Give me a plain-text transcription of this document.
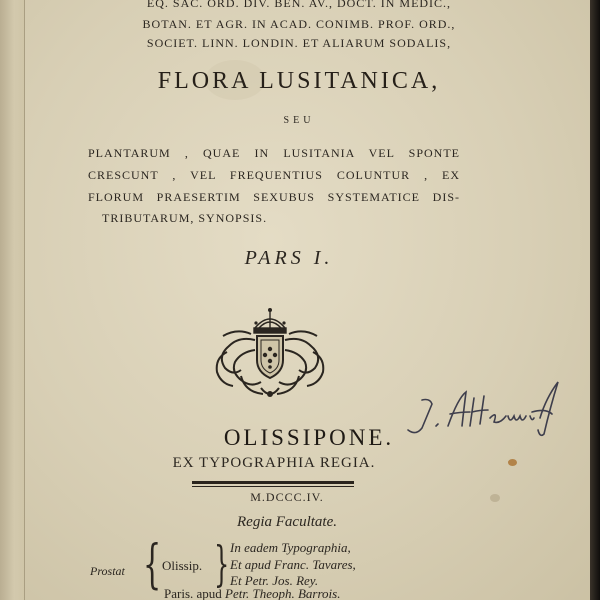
EQ. SAC. ORD. DIV. BEN. AV., DOCT. IN MEDIC.,

BOTAN. ET AGR. IN ACAD. CONIMB. PROF. ORD.,

SOCIET. LINN. LONDIN. ET ALIARUM SODALIS,

FLORA LUSITANICA,

SEU

PLANTARUM , QUAE IN LUSITANIA VEL SPONTE

CRESCUNT , VEL FREQUENTIUS COLUNTUR , EX

FLORUM PRAESERTIM SEXUBUS SYSTEMATICE DIS-

TRIBUTARUM, SYNOPSIS.

PARS I.

OLISSIPONE.

EX TYPOGRAPHIA REGIA.

M.DCCC.IV.

Regia Facultate.

Prostat { Olissip. } In eadem Typographia,
Et apud Franc. Tavares,
Et Petr. Jos. Rey.
Paris. apud Petr. Theoph. Barrois.
